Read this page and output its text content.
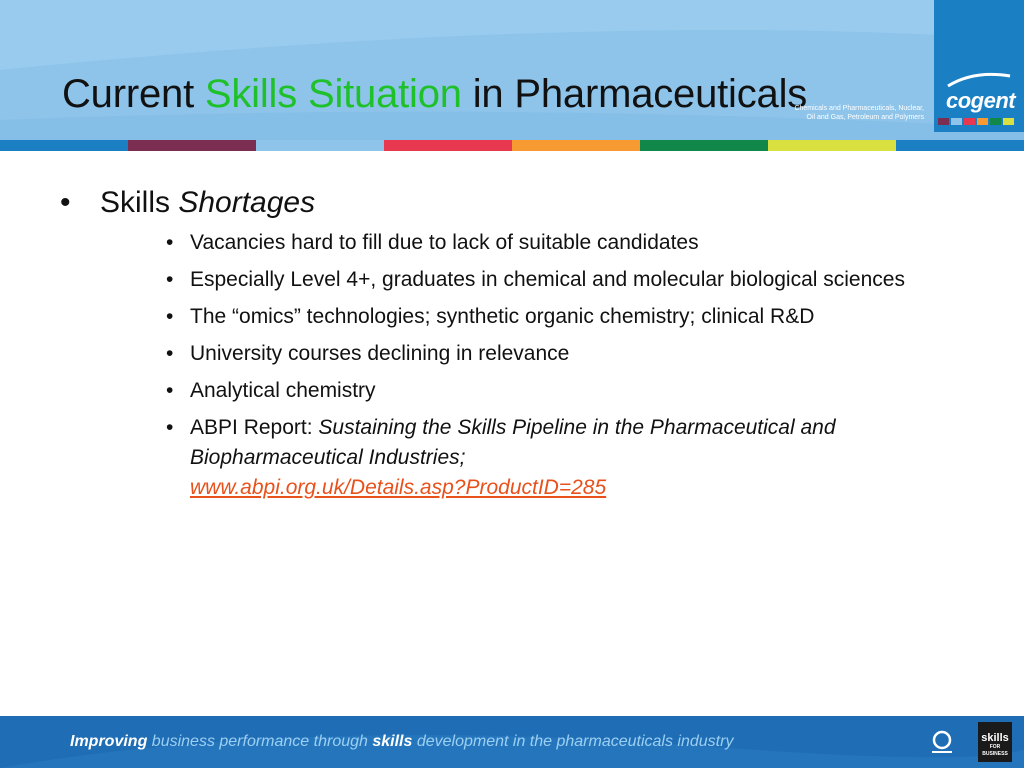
Current Skills Situation in Pharmaceuticals	cogent
Chemicals and Pharmaceuticals, Nuclear,
Oil and Gas, Petroleum and Polymers

• Skills Shortages

• Vacancies hard to fill due to lack of suitable candidates
• Especially Level 4+, graduates in chemical and molecular biological sciences
• The “omics” technologies; synthetic organic chemistry; clinical R&D
• University courses declining in relevance
• Analytical chemistry
• ABPI Report: Sustaining the Skills Pipeline in the Pharmaceutical and Biopharmaceutical Industries;
www.abpi.org.uk/Details.asp?ProductID=285
Improving business performance through skills development in the pharmaceuticals industry	skills
FOR BUSINESS
